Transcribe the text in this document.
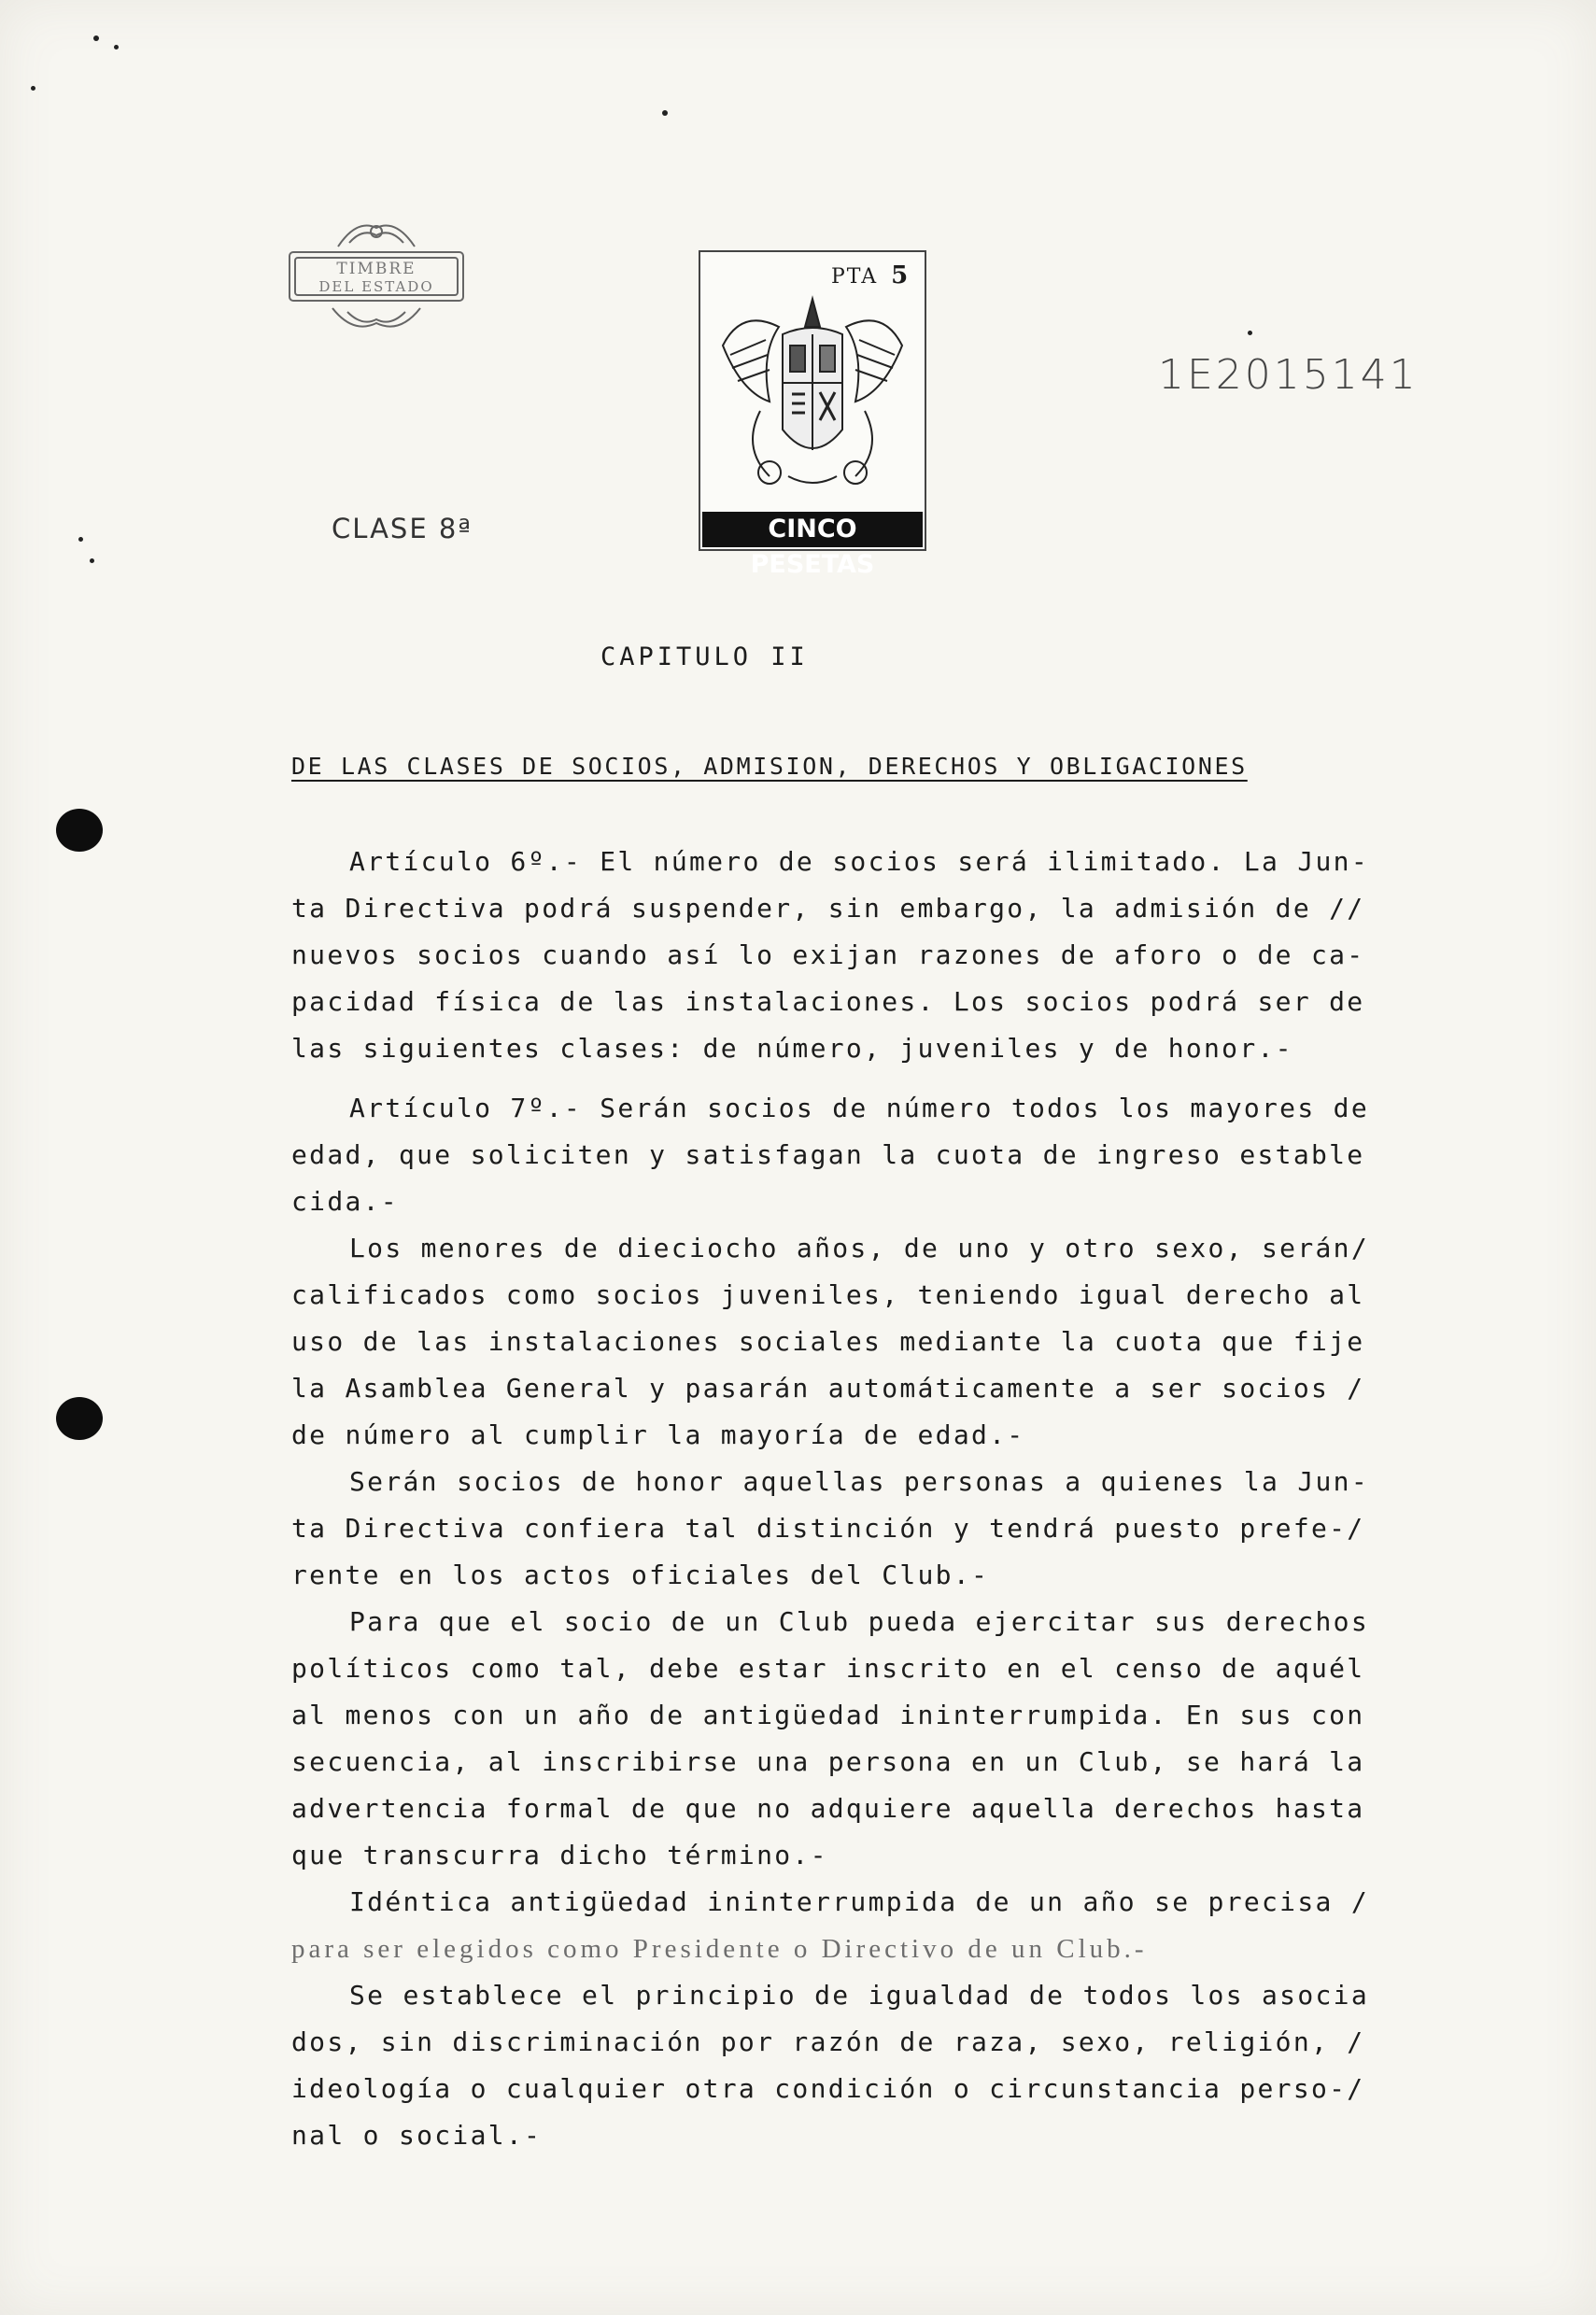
TIMBRE
DEL ESTADO	PTA 5
CINCO PESETAS
1E2015141
CLASE 8ª
CAPITULO II
DE LAS CLASES DE SOCIOS, ADMISION, DERECHOS Y OBLIGACIONES
Artículo 6º.- El número de socios será ilimitado. La Jun-
ta Directiva podrá suspender, sin embargo, la admisión de //
nuevos socios cuando así lo exijan razones de aforo o de ca-
pacidad física de las instalaciones. Los socios podrá ser de
las siguientes clases: de número, juveniles y de honor.-
Artículo 7º.- Serán socios de número todos los mayores de
edad, que soliciten y satisfagan la cuota de ingreso estable
cida.-
Los menores de dieciocho años, de uno y otro sexo, serán/
calificados como socios juveniles, teniendo igual derecho al
uso de las instalaciones sociales mediante la cuota que fije
la Asamblea General y pasarán automáticamente a ser socios /
de número al cumplir la mayoría de edad.-
Serán socios de honor aquellas personas a quienes la Jun-
ta Directiva confiera tal distinción y tendrá puesto prefe-/
rente en los actos oficiales del Club.-
Para que el socio de un Club pueda ejercitar sus derechos
políticos como tal, debe estar inscrito en el censo de aquél
al menos con un año de antigüedad ininterrumpida. En sus con
secuencia, al inscribirse una persona en un Club, se hará la
advertencia formal de que no adquiere aquella derechos hasta
que transcurra dicho término.-
Idéntica antigüedad ininterrumpida de un año se precisa /
para ser elegidos como Presidente o Directivo de un Club.-
Se establece el principio de igualdad de todos los asocia
dos, sin discriminación por razón de raza, sexo, religión, /
ideología o cualquier otra condición o circunstancia perso-/
nal o social.-
